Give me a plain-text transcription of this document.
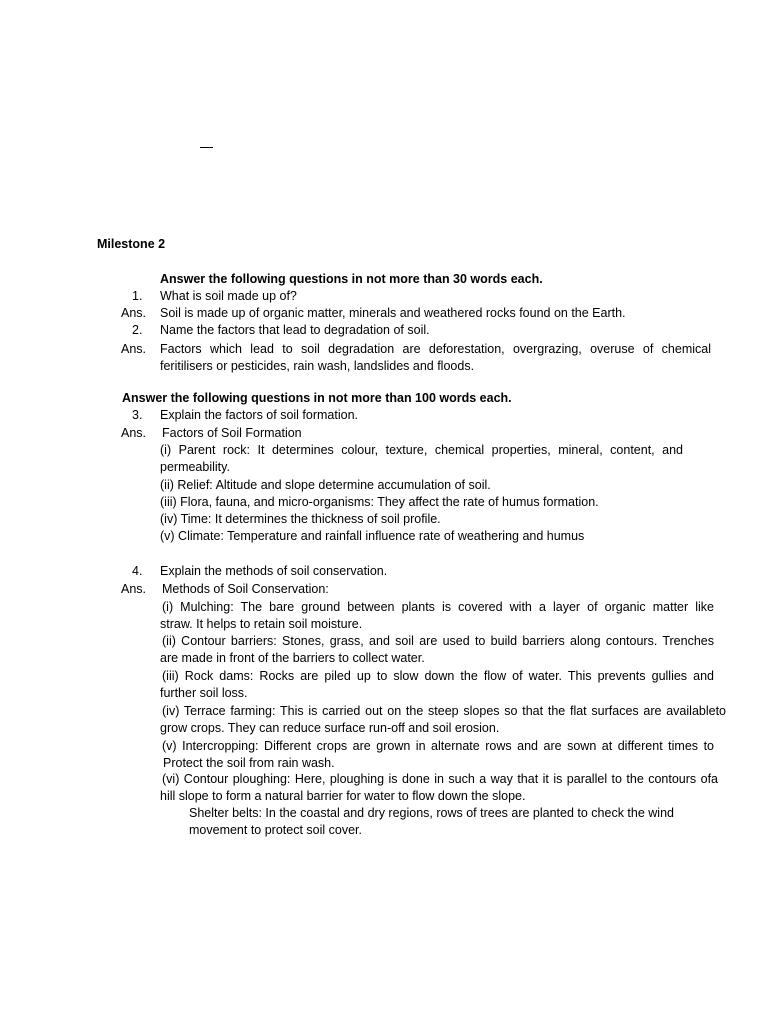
Milestone 2
Answer the following questions in not more than 30 words each.
1. What is soil made up of?
Ans. Soil is made up of organic matter, minerals and weathered rocks found on the Earth.
2. Name the factors that lead to degradation of soil.
Ans. Factors which lead to soil degradation are deforestation, overgrazing, overuse of chemical
feritilisers or pesticides, rain wash, landslides and floods.
Answer the following questions in not more than 100 words each.
3. Explain the factors of soil formation.
Ans. Factors of Soil Formation
(i) Parent rock: It determines colour, texture, chemical properties, mineral, content, and
permeability.
(ii) Relief: Altitude and slope determine accumulation of soil.
(iii) Flora, fauna, and micro-organisms: They affect the rate of humus formation.
(iv) Time: It determines the thickness of soil profile.
(v) Climate: Temperature and rainfall influence rate of weathering and humus
4. Explain the methods of soil conservation.
Ans. Methods of Soil Conservation:
(i) Mulching: The bare ground between plants is covered with a layer of organic matter like
straw. It helps to retain soil moisture.
(ii) Contour barriers: Stones, grass, and soil are used to build barriers along contours. Trenches
are made in front of the barriers to collect water.
(iii) Rock dams: Rocks are piled up to slow down the flow of water. This prevents gullies and
further soil loss.
(iv) Terrace farming: This is carried out on the steep slopes so that the flat surfaces are availableto
grow crops. They can reduce surface run-off and soil erosion.
(v) Intercropping: Different crops are grown in alternate rows and are sown at different times to
Protect the soil from rain wash.
(vi) Contour ploughing: Here, ploughing is done in such a way that it is parallel to the contours ofa
hill slope to form a natural barrier for water to flow down the slope.
Shelter belts: In the coastal and dry regions, rows of trees are planted to check the wind
movement to protect soil cover.
